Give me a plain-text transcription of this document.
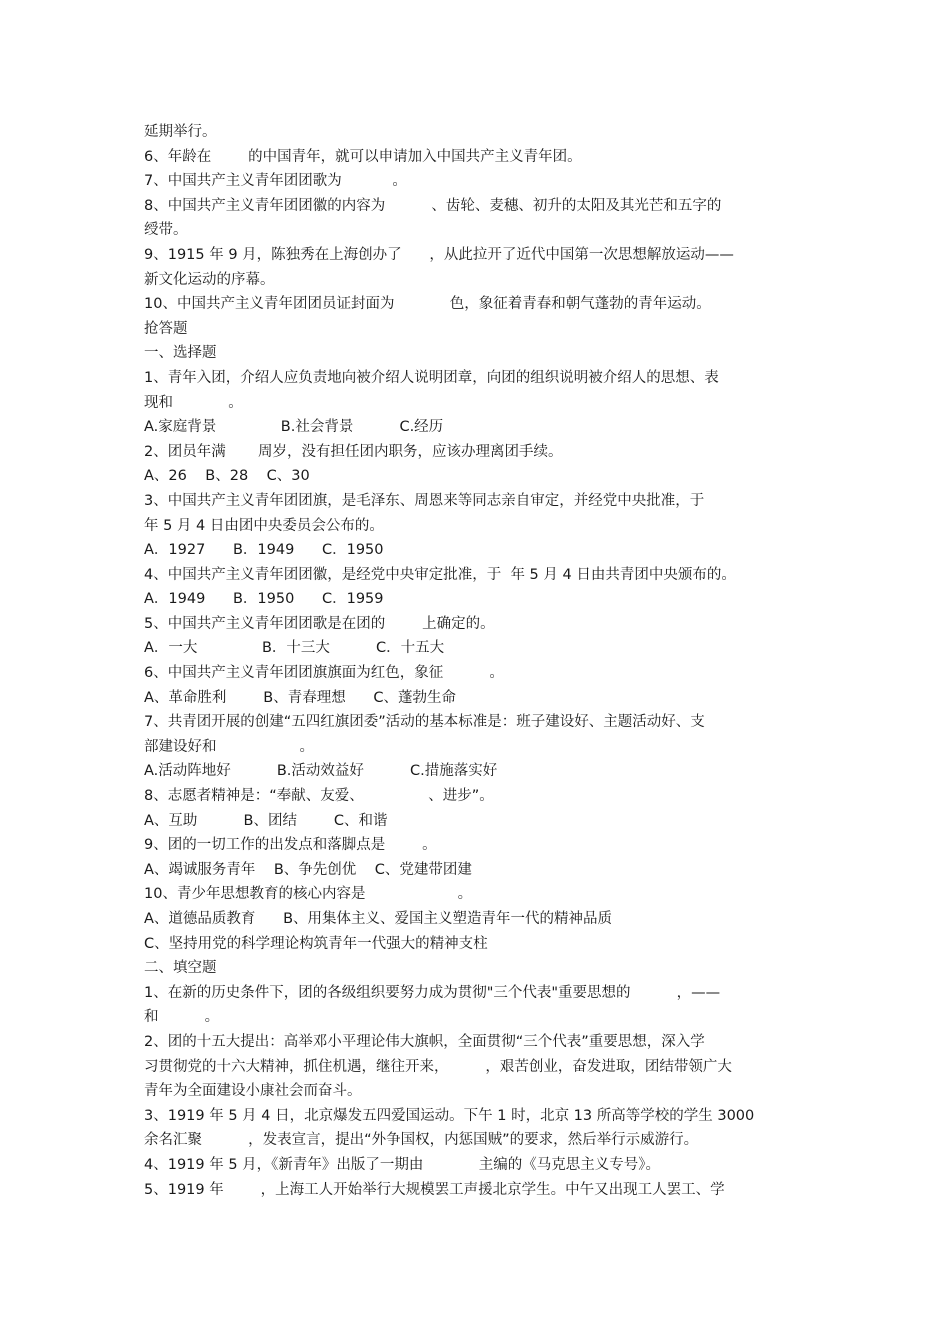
延期举行。

6、年龄在        的中国青年，就可以申请加入中国共产主义青年团。

7、中国共产主义青年团团歌为           。

8、中国共产主义青年团团徽的内容为          、齿轮、麦穗、初升的太阳及其光芒和五字的

绶带。

9、1915 年 9 月，陈独秀在上海创办了      ，从此拉开了近代中国第一次思想解放运动——

新文化运动的序幕。

10、中国共产主义青年团团员证封面为            色，象征着青春和朝气蓬勃的青年运动。

抢答题

一、选择题

1、青年入团，介绍人应负责地向被介绍人说明团章，向团的组织说明被介绍人的思想、表

现和            。

A.家庭背景              B.社会背景          C.经历

2、团员年满       周岁，没有担任团内职务，应该办理离团手续。

A、26    B、28    C、30

3、中国共产主义青年团团旗，是毛泽东、周恩来等同志亲自审定，并经党中央批准，于

年 5 月 4 日由团中央委员会公布的。

A．1927      B．1949      C．1950

4、中国共产主义青年团团徽，是经党中央审定批准，于  年 5 月 4 日由共青团中央颁布的。

A．1949      B．1950      C．1959

5、中国共产主义青年团团歌是在团的        上确定的。

A．一大              B．十三大          C．十五大

6、中国共产主义青年团团旗旗面为红色，象征          。

A、革命胜利        B、青春理想      C、蓬勃生命

7、共青团开展的创建“五四红旗团委”活动的基本标准是：班子建设好、主题活动好、支

部建设好和                  。

A.活动阵地好          B.活动效益好          C.措施落实好

8、志愿者精神是：“奉献、友爱、              、进步”。

A、互助          B、团结        C、和谐

9、团的一切工作的出发点和落脚点是        。

A、竭诚服务青年    B、争先创优    C、党建带团建

10、青少年思想教育的核心内容是                    。

A、道德品质教育      B、用集体主义、爱国主义塑造青年一代的精神品质

C、坚持用党的科学理论构筑青年一代强大的精神支柱

二、填空题

1、在新的历史条件下，团的各级组织要努力成为贯彻"三个代表"重要思想的          ，——

和          。

2、团的十五大提出：高举邓小平理论伟大旗帜，全面贯彻“三个代表”重要思想，深入学

习贯彻党的十六大精神，抓住机遇，继往开来，        ，艰苦创业，奋发进取，团结带领广大

青年为全面建设小康社会而奋斗。

3、1919 年 5 月 4 日，北京爆发五四爱国运动。下午 1 时，北京 13 所高等学校的学生 3000

余名汇聚          ，发表宣言，提出“外争国权，内惩国贼”的要求，然后举行示威游行。

4、1919 年 5 月，《新青年》出版了一期由            主编的《马克思主义专号》。

5、1919 年        ，上海工人开始举行大规模罢工声援北京学生。中午又出现工人罢工、学
